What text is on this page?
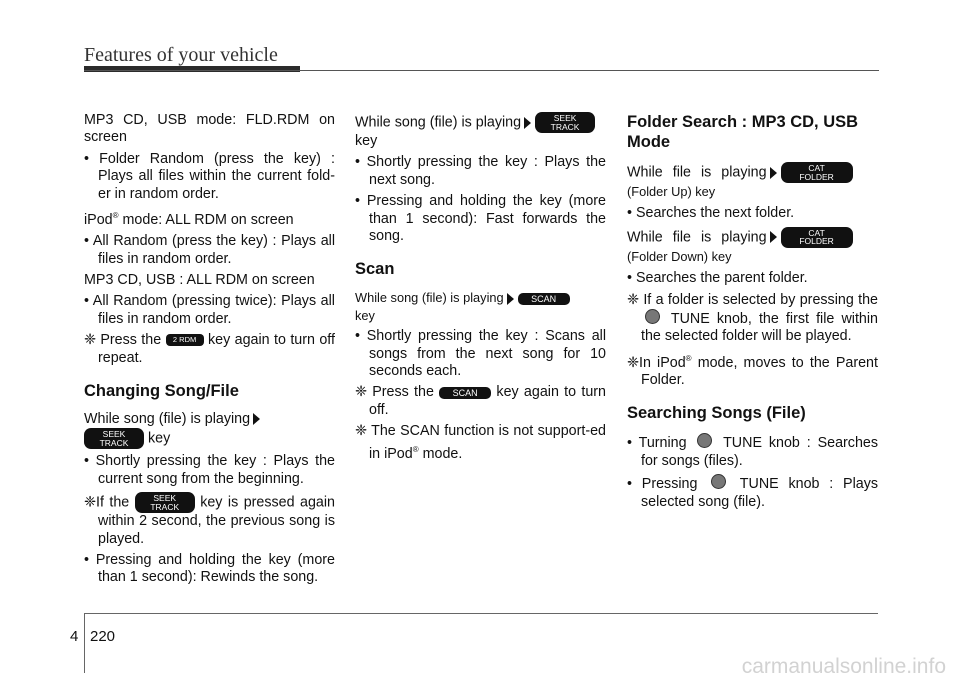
Features of your vehicle

MP3 CD, USB mode: FLD.RDM on screen

• Folder Random (press the key) : Plays all files within the current fold-er in random order.

iPod® mode: ALL RDM on screen

• All Random (press the key) : Plays all files in random order.

MP3 CD, USB : ALL RDM on screen

• All Random (pressing twice): Plays all files in random order.

❈ Press the 2 RDM key again to turn off repeat.

Changing Song/File

While song (file) is playing

SEEK
TRACK key

• Shortly pressing the key : Plays the current song from the beginning.

❈If the	SEEK
TRACK key is pressed again within 2 second, the previous song is played.

• Pressing and holding the key (more than 1 second): Rewinds the song.

While song (file) is playing	SEEK
TRACK
key

• Shortly pressing the key : Plays the next song.

• Pressing and holding the key (more than 1 second): Fast forwards the song.

Scan

While song (file) is playing	SCAN
key

• Shortly pressing the key : Scans all songs from the next song for 10 seconds each.

❈ Press the SCAN key again to turn off.

❈ The SCAN function is not support-ed in iPod® mode.

Folder Search : MP3 CD, USB Mode

While file is playing	CAT
FOLDER
(Folder Up) key

• Searches the next folder.

While file is playing	CAT
FOLDER
(Folder Down) key

• Searches the parent folder.

❈ If a folder is selected by pressing the  TUNE knob, the first file within the selected folder will be played.

❈In iPod® mode, moves to the Parent Folder.

Searching Songs (File)

• Turning  TUNE knob : Searches for songs (files).

• Pressing  TUNE knob : Plays selected song (file).

4 220
carmanualsonline.info
